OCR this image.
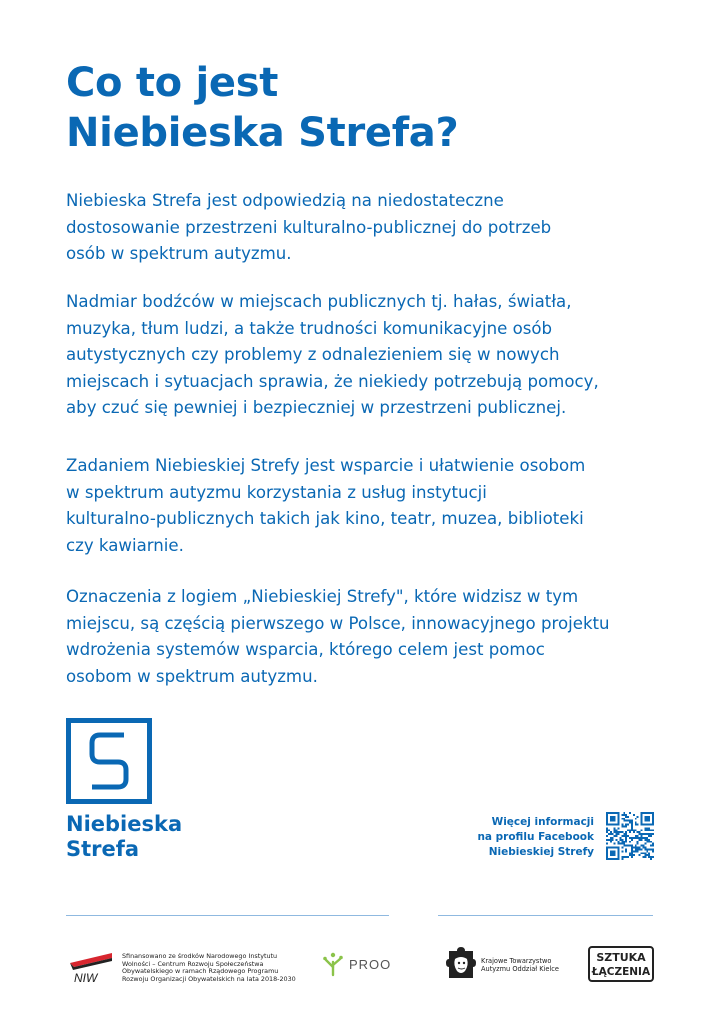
Co to jest
Niebieska Strefa?

Niebieska Strefa jest odpowiedzią na niedostateczne
dostosowanie przestrzeni kulturalno-publicznej do potrzeb
osób w spektrum autyzmu.

Nadmiar bodźców w miejscach publicznych tj. hałas, światła,
muzyka, tłum ludzi, a także trudności komunikacyjne osób
autystycznych czy problemy z odnalezieniem się w nowych
miejscach i sytuacjach sprawia, że niekiedy potrzebują pomocy,
aby czuć się pewniej i bezpieczniej w przestrzeni publicznej.

Zadaniem Niebieskiej Strefy jest wsparcie i ułatwienie osobom
w spektrum autyzmu korzystania z usług instytucji
kulturalno-publicznych takich jak kino, teatr, muzea, biblioteki
czy kawiarnie.

Oznaczenia z logiem „Niebieskiej Strefy", które widzisz w tym
miejscu, są częścią pierwszego w Polsce, innowacyjnego projektu
wdrożenia systemów wsparcia, którego celem jest pomoc
osobom w spektrum autyzmu.

Niebieska
Strefa
Więcej informacji
na profilu Facebook
Niebieskiej Strefy
NIW
Sfinansowano ze środków Narodowego Instytutu
Wolności – Centrum Rozwoju Społeczeństwa
Obywatelskiego w ramach Rządowego Programu
Rozwoju Organizacji Obywatelskich na lata 2018-2030
PROO	Krajowe Towarzystwo
Autyzmu Oddział Kielce
SZTUKA
ŁĄCZENIA
